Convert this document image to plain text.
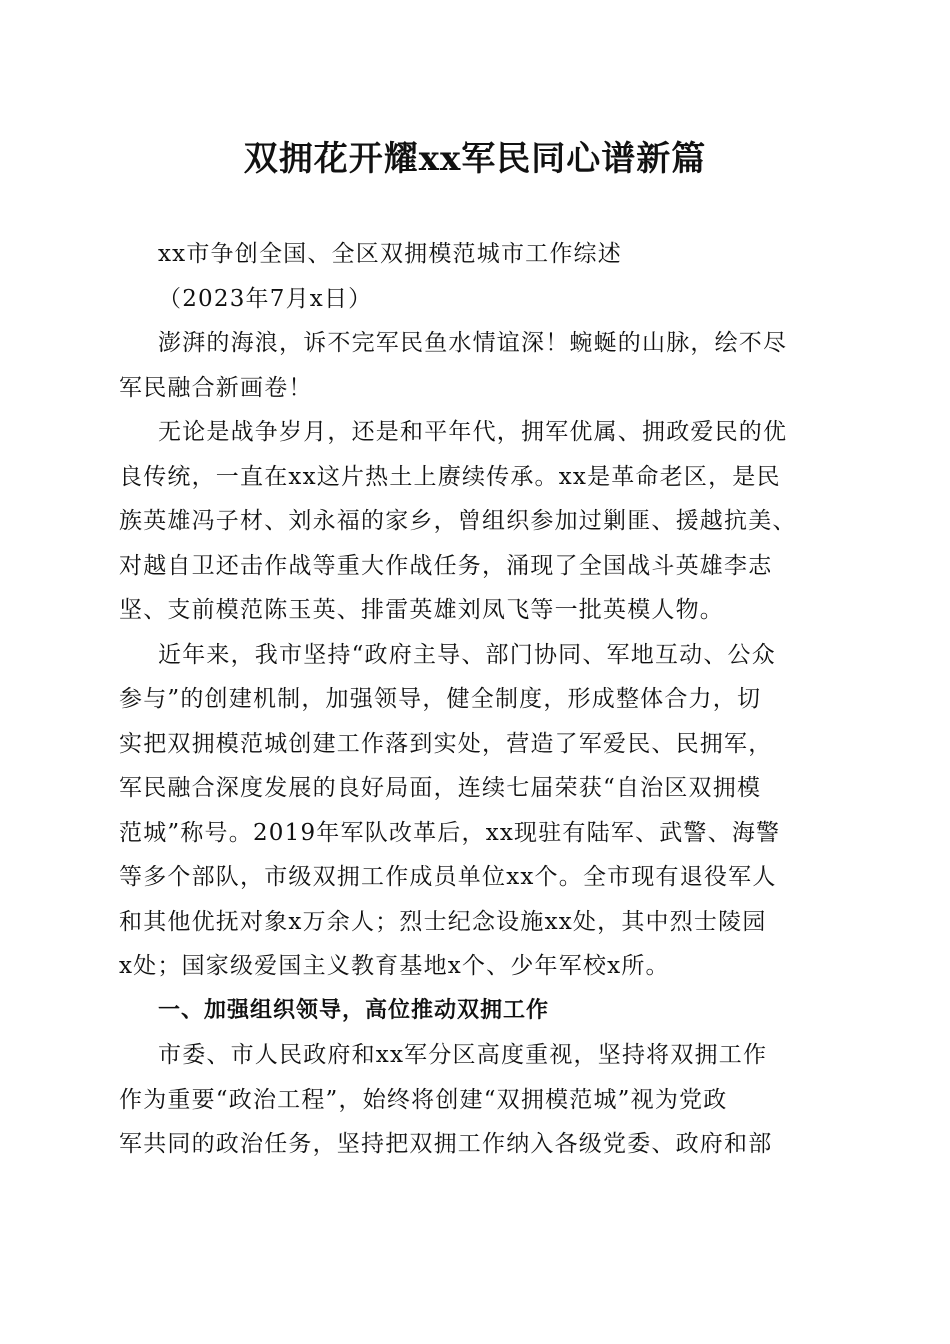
双拥花开耀xx军民同心谱新篇
xx市争创全国、全区双拥模范城市工作综述
（2023年7月x日）
澎湃的海浪，诉不完军民鱼水情谊深！蜿蜒的山脉，绘不尽
军民融合新画卷！
无论是战争岁月，还是和平年代，拥军优属、拥政爱民的优
良传统，一直在xx这片热土上赓续传承。xx是革命老区，是民
族英雄冯子材、刘永福的家乡，曾组织参加过剿匪、援越抗美、
对越自卫还击作战等重大作战任务，涌现了全国战斗英雄李志
坚、支前模范陈玉英、排雷英雄刘凤飞等一批英模人物。
近年来，我市坚持“政府主导、部门协同、军地互动、公众
参与”的创建机制，加强领导，健全制度，形成整体合力，切
实把双拥模范城创建工作落到实处，营造了军爱民、民拥军，
军民融合深度发展的良好局面，连续七届荣获“自治区双拥模
范城”称号。2019年军队改革后，xx现驻有陆军、武警、海警
等多个部队，市级双拥工作成员单位xx个。全市现有退役军人
和其他优抚对象x万余人；烈士纪念设施xx处，其中烈士陵园
x处；国家级爱国主义教育基地x个、少年军校x所。
一、加强组织领导，高位推动双拥工作
市委、市人民政府和xx军分区高度重视，坚持将双拥工作
作为重要“政治工程”，始终将创建“双拥模范城”视为党政
军共同的政治任务，坚持把双拥工作纳入各级党委、政府和部
